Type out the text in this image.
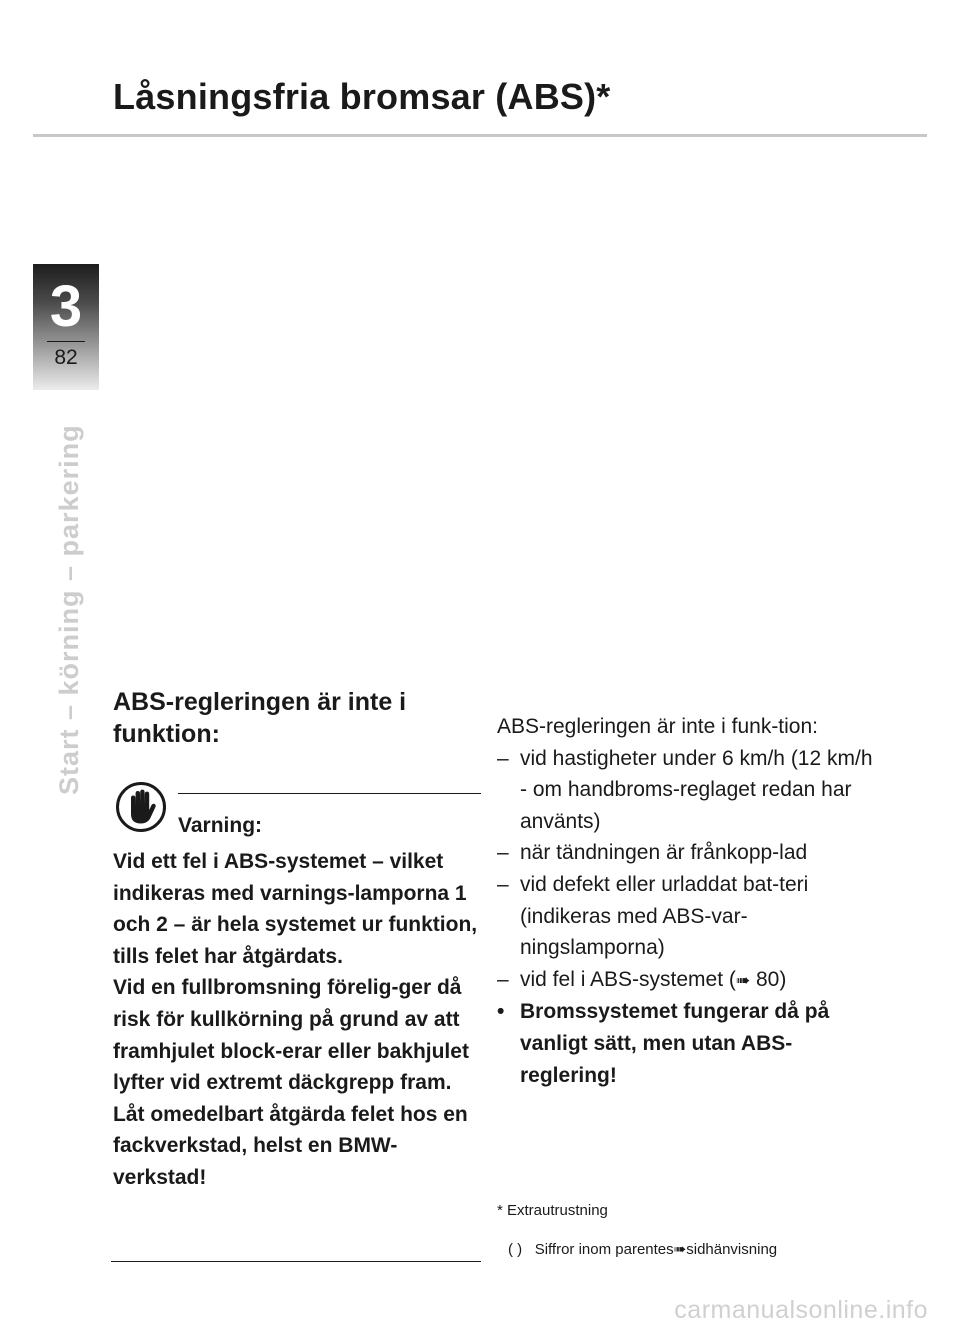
Låsningsfria bromsar (ABS)*
3
82
Start – körning – parkering ABS-regleringen är inte i funktion:
Varning:

Vid ett fel i ABS-systemet – vilket indikeras med varnings-lamporna 1 och 2 – är hela systemet ur funktion, tills felet har åtgärdats.

Vid en fullbromsning förelig-ger då risk för kullkörning på grund av att framhjulet block-erar eller bakhjulet lyfter vid extremt däckgrepp fram.

Låt omedelbart åtgärda felet hos en fackverkstad, helst en BMW-verkstad!

ABS-regleringen är inte i funk-tion:

– vid hastigheter under 6 km/h (12 km/h - om handbroms-reglaget redan har använts)
– när tändningen är frånkopp-lad
– vid defekt eller urladdat bat-teri (indikeras med ABS-var-ningslamporna)
– vid fel i ABS-systemet (➠ 80)
• Bromssystemet fungerar då på vanligt sätt, men utan ABS-reglering!
* Extrautrustning
( ) Siffror inom parentes➠sidhänvisning
carmanualsonline.info
